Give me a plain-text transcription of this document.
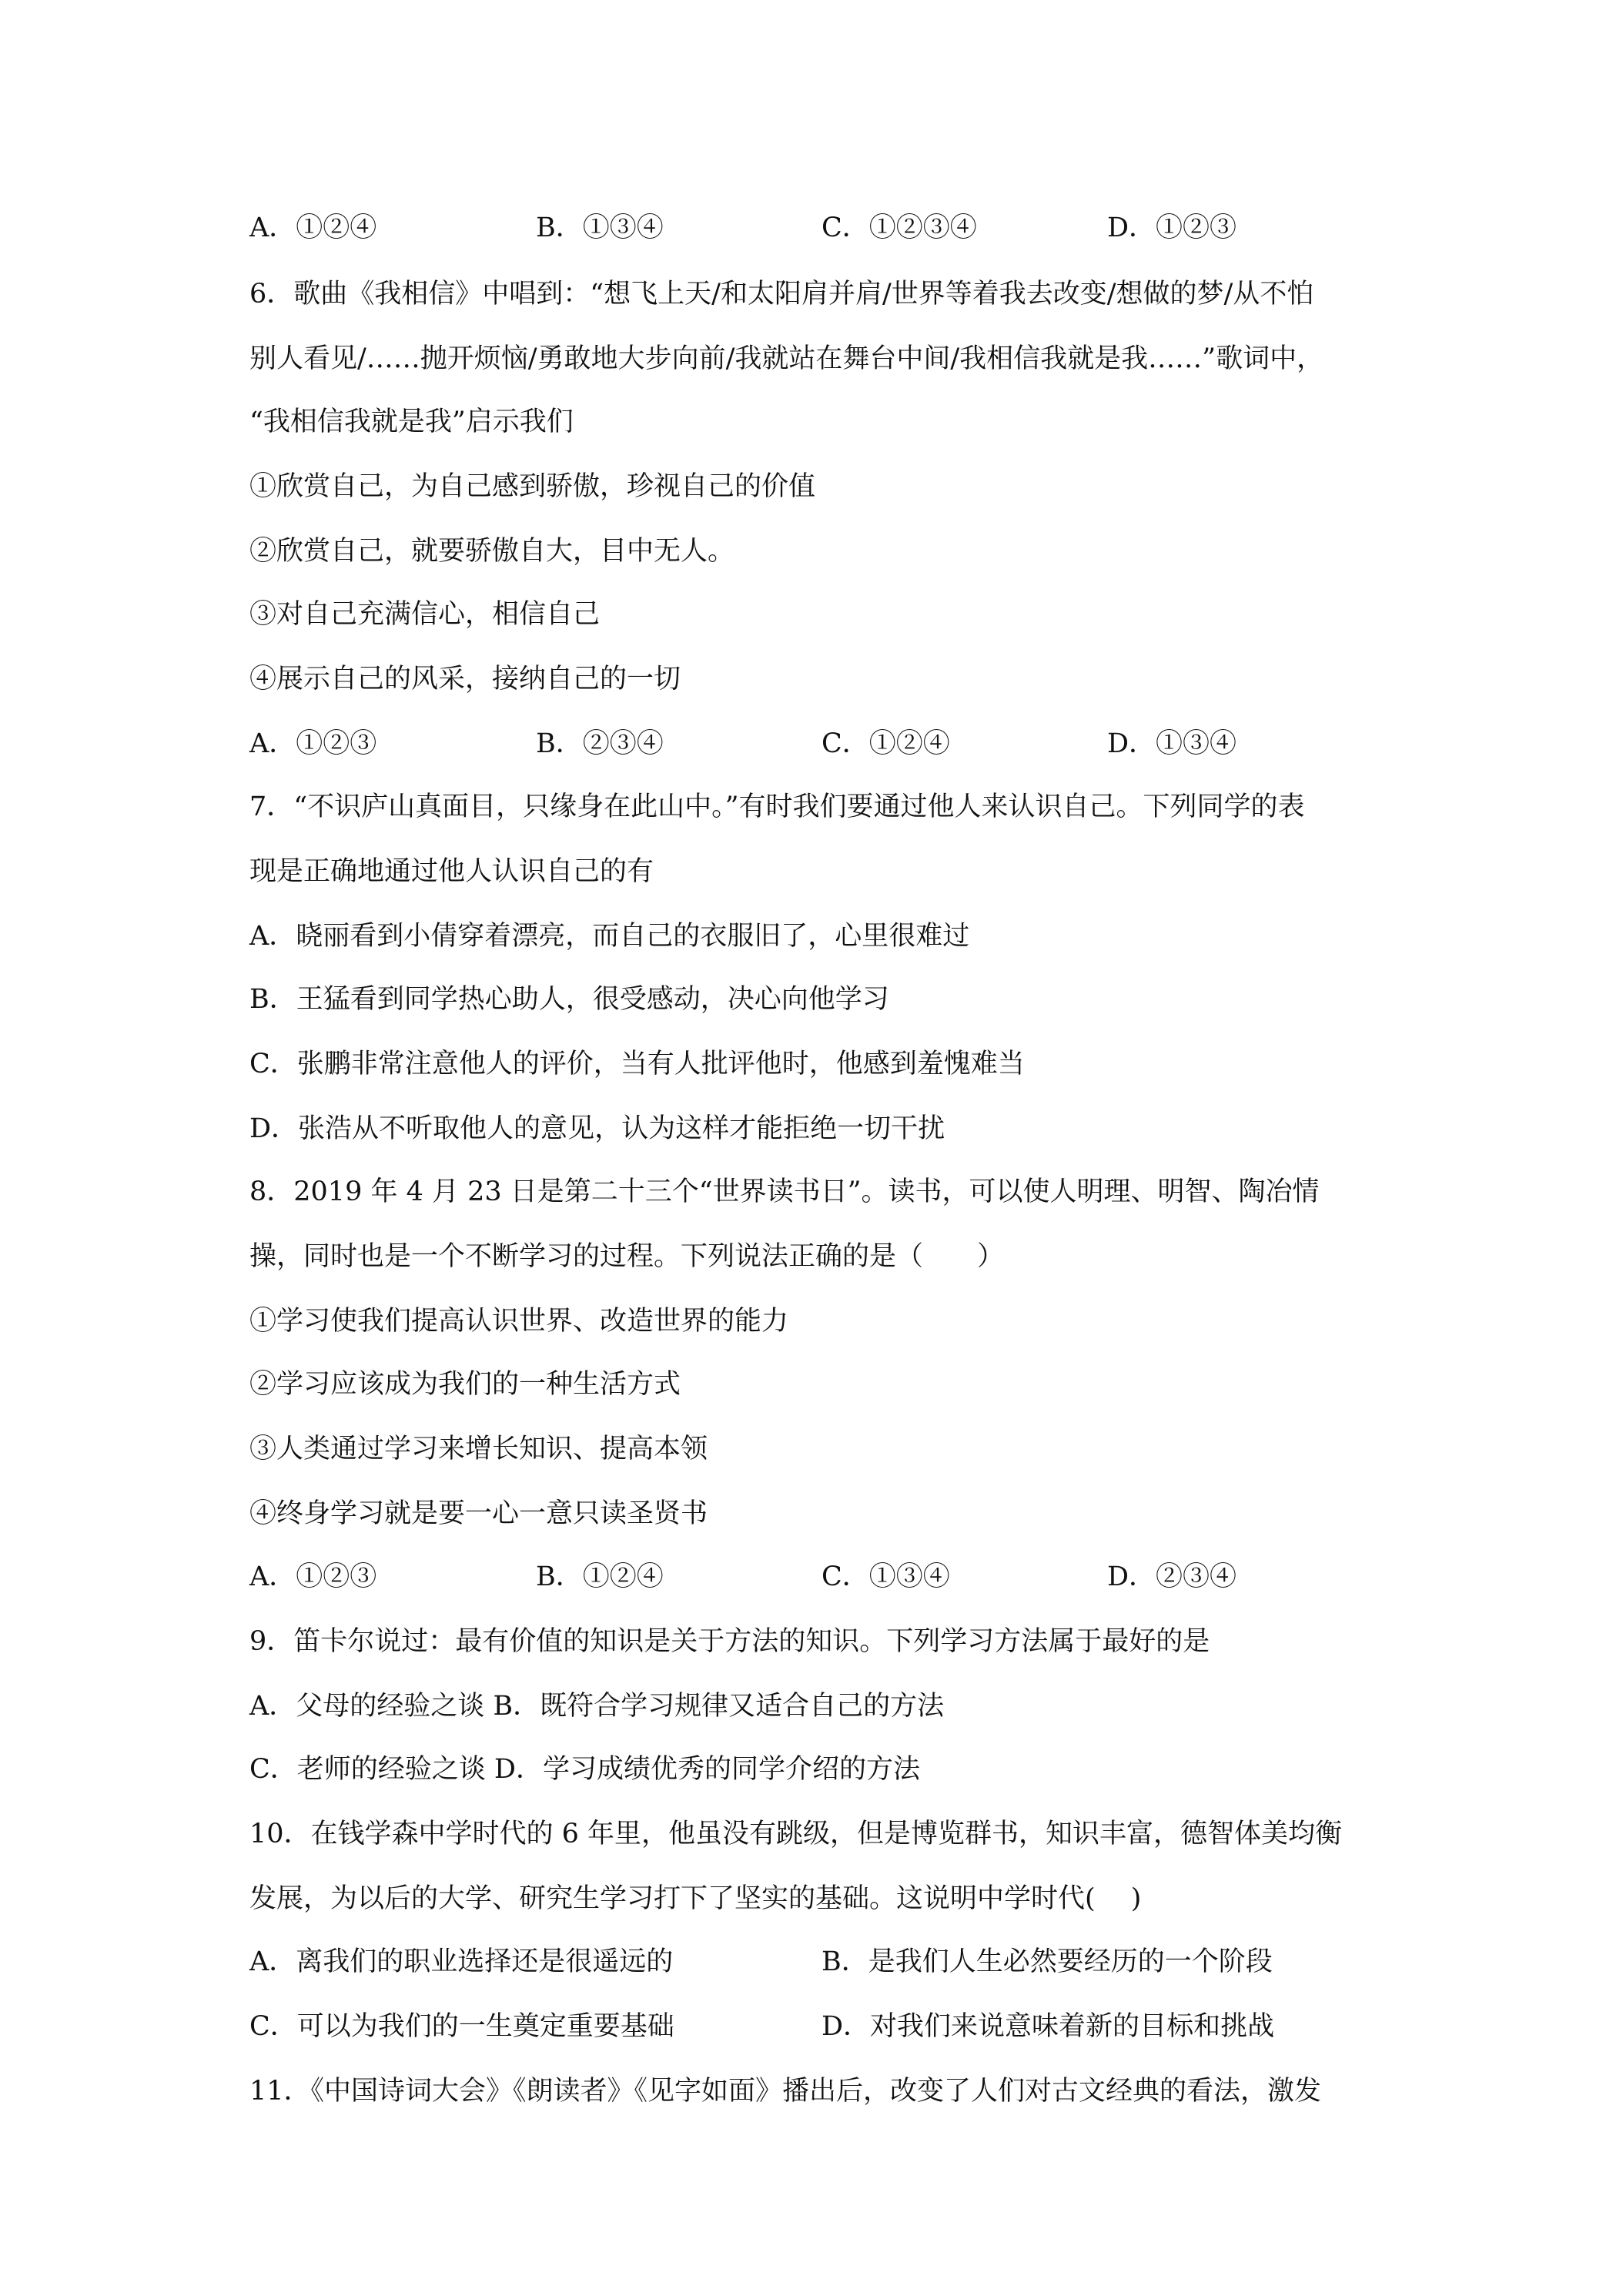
A．①②④	B．①③④	C．①②③④	D．①②③
6．歌曲《我相信》中唱到：“想飞上天/和太阳肩并肩/世界等着我去改变/想做的梦/从不怕
别人看见/……抛开烦恼/勇敢地大步向前/我就站在舞台中间/我相信我就是我……”歌词中，
“我相信我就是我”启示我们
①欣赏自己，为自己感到骄傲，珍视自己的价值
②欣赏自己，就要骄傲自大，目中无人。
③对自己充满信心，相信自己
④展示自己的风采，接纳自己的一切
A．①②③	B．②③④	C．①②④	D．①③④
7．“不识庐山真面目，只缘身在此山中。”有时我们要通过他人来认识自己。下列同学的表
现是正确地通过他人认识自己的有
A．晓丽看到小倩穿着漂亮，而自己的衣服旧了，心里很难过
B．王猛看到同学热心助人，很受感动，决心向他学习
C．张鹏非常注意他人的评价，当有人批评他时，他感到羞愧难当
D．张浩从不听取他人的意见，认为这样才能拒绝一切干扰
8．2019 年 4 月 23 日是第二十三个“世界读书日”。读书，可以使人明理、明智、陶冶情
操，同时也是一个不断学习的过程。下列说法正确的是（　　）
①学习使我们提高认识世界、改造世界的能力
②学习应该成为我们的一种生活方式
③人类通过学习来增长知识、提高本领
④终身学习就是要一心一意只读圣贤书
A．①②③	B．①②④	C．①③④	D．②③④
9．笛卡尔说过：最有价值的知识是关于方法的知识。下列学习方法属于最好的是
A．父母的经验之谈 B．既符合学习规律又适合自己的方法
C．老师的经验之谈 D．学习成绩优秀的同学介绍的方法
10．在钱学森中学时代的 6 年里，他虽没有跳级，但是博览群书，知识丰富，德智体美均衡
发展，为以后的大学、研究生学习打下了坚实的基础。这说明中学时代(　 )
A．离我们的职业选择还是很遥远的	B．是我们人生必然要经历的一个阶段
C．可以为我们的一生奠定重要基础	D．对我们来说意味着新的目标和挑战
11．《中国诗词大会》《朗读者》《见字如面》播出后，改变了人们对古文经典的看法，激发
